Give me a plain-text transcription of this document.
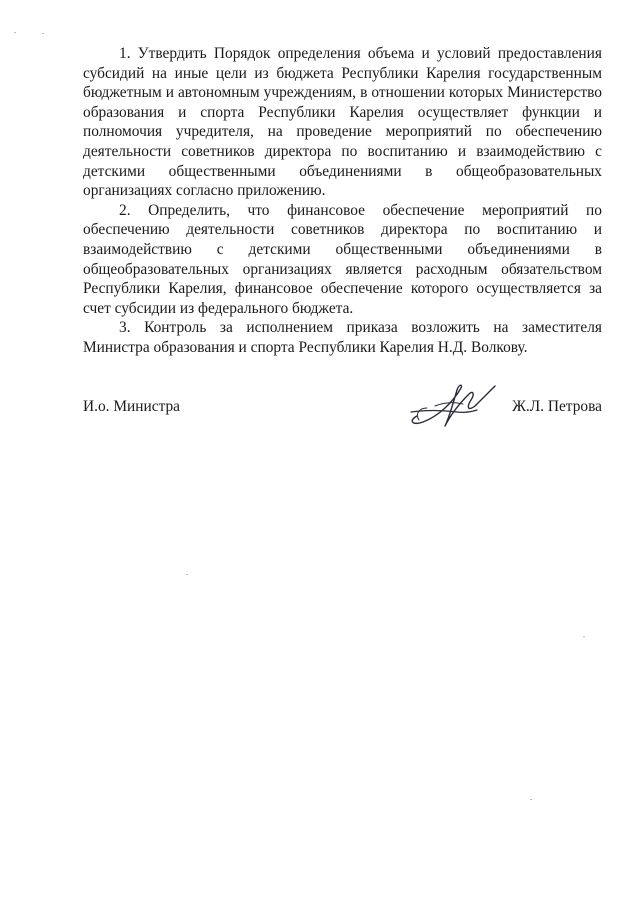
1. Утвердить Порядок определения объема и условий предоставления субсидий на иные цели из бюджета Республики Карелия государственным бюджетным и автономным учреждениям, в отношении которых Министерство образования и спорта Республики Карелия осуществляет функции и полномочия учредителя, на проведение мероприятий по обеспечению деятельности советников директора по воспитанию и взаимодействию с детскими общественными объединениями в общеобразовательных организациях согласно приложению.

2. Определить, что финансовое обеспечение мероприятий по обеспечению деятельности советников директора по воспитанию и взаимодействию с детскими общественными объединениями в общеобразовательных организациях является расходным обязательством Республики Карелия, финансовое обеспечение которого осуществляется за счет субсидии из федерального бюджета.

3. Контроль за исполнением приказа возложить на заместителя Министра образования и спорта Республики Карелия Н.Д. Волкову.

И.о. Министра	Ж.Л. Петрова
